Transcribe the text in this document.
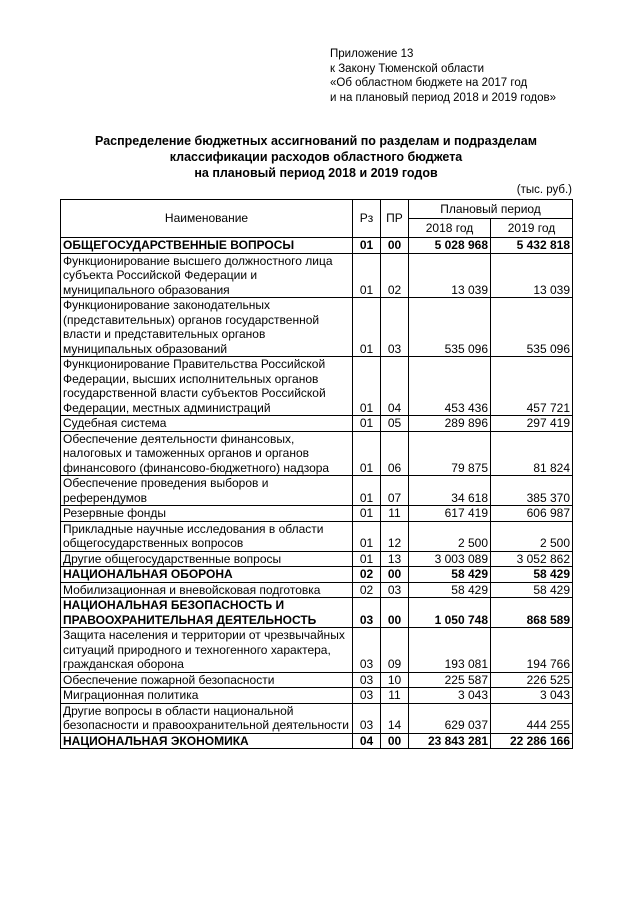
Приложение 13
к Закону Тюменской области
«Об областном бюджете на 2017 год
и на плановый период 2018 и 2019 годов»
Распределение бюджетных ассигнований по разделам и подразделам
классификации расходов областного бюджета
на плановый период 2018 и 2019 годов
(тыс. руб.)
Наименование	Рз	ПР	Плановый период	
			2018 год	2019 год
ОБЩЕГОСУДАРСТВЕННЫЕ ВОПРОСЫ	01	00	5 028 968	5 432 818
Функционирование высшего должностного лица субъекта Российской Федерации и муниципального образования	01	02	13 039	13 039
Функционирование законодательных (представительных) органов государственной власти и представительных органов муниципальных образований	01	03	535 096	535 096
Функционирование Правительства Российской Федерации, высших исполнительных органов государственной власти субъектов Российской Федерации, местных администраций	01	04	453 436	457 721
Судебная система	01	05	289 896	297 419
Обеспечение деятельности финансовых, налоговых и таможенных органов и органов финансового (финансово-бюджетного) надзора	01	06	79 875	81 824
Обеспечение проведения выборов и референдумов	01	07	34 618	385 370
Резервные фонды	01	11	617 419	606 987
Прикладные научные исследования в области общегосударственных вопросов	01	12	2 500	2 500
Другие общегосударственные вопросы	01	13	3 003 089	3 052 862
НАЦИОНАЛЬНАЯ ОБОРОНА	02	00	58 429	58 429
Мобилизационная и вневойсковая подготовка	02	03	58 429	58 429
НАЦИОНАЛЬНАЯ БЕЗОПАСНОСТЬ И ПРАВООХРАНИТЕЛЬНАЯ ДЕЯТЕЛЬНОСТЬ	03	00	1 050 748	868 589
Защита населения и территории от чрезвычайных ситуаций природного и техногенного характера, гражданская оборона	03	09	193 081	194 766
Обеспечение пожарной безопасности	03	10	225 587	226 525
Миграционная политика	03	11	3 043	3 043
Другие вопросы в области национальной безопасности и правоохранительной деятельности	03	14	629 037	444 255
НАЦИОНАЛЬНАЯ ЭКОНОМИКА	04	00	23 843 281	22 286 166
